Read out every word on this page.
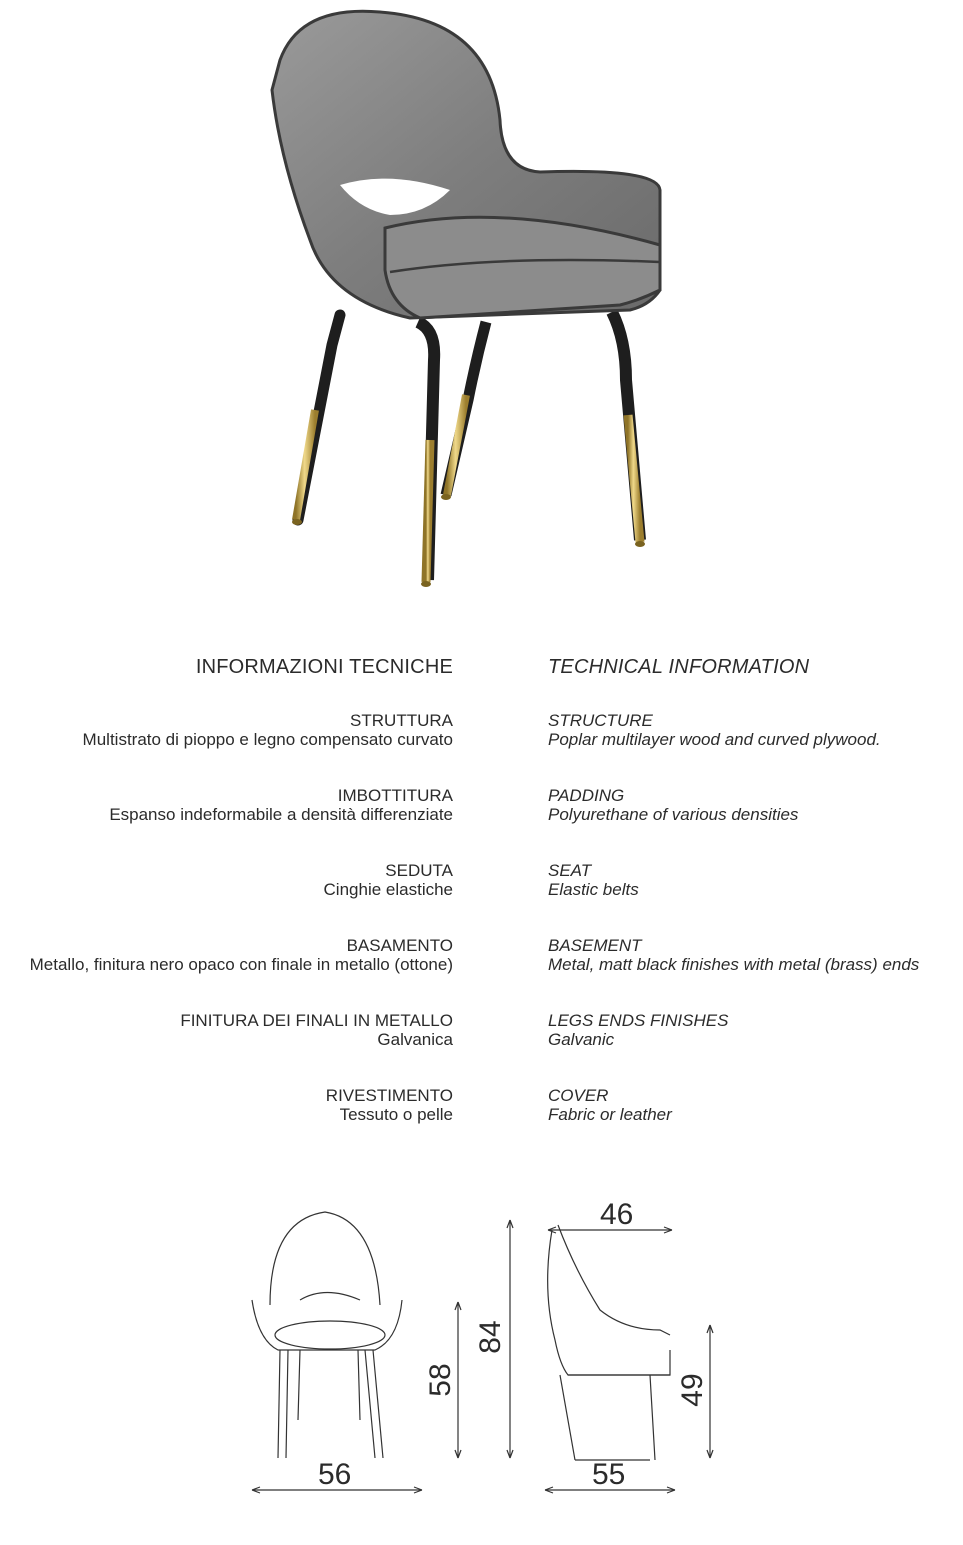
INFORMAZIONI TECNICHE	TECHNICAL INFORMATION
STRUTTURA
Multistrato di pioppo e legno compensato curvato
STRUCTURE
Poplar multilayer wood and curved plywood.
IMBOTTITURA
Espanso indeformabile a densità differenziate
PADDING
Polyurethane of various densities
SEDUTA
Cinghie elastiche
SEAT
Elastic belts
BASAMENTO
Metallo, finitura nero opaco con finale in metallo (ottone)
BASEMENT
Metal, matt black finishes with metal (brass) ends
FINITURA DEI FINALI IN METALLO
Galvanica
LEGS ENDS FINISHES
Galvanic
RIVESTIMENTO
Tessuto o pelle
COVER
Fabric or leather
56
58
84
46
49
55
